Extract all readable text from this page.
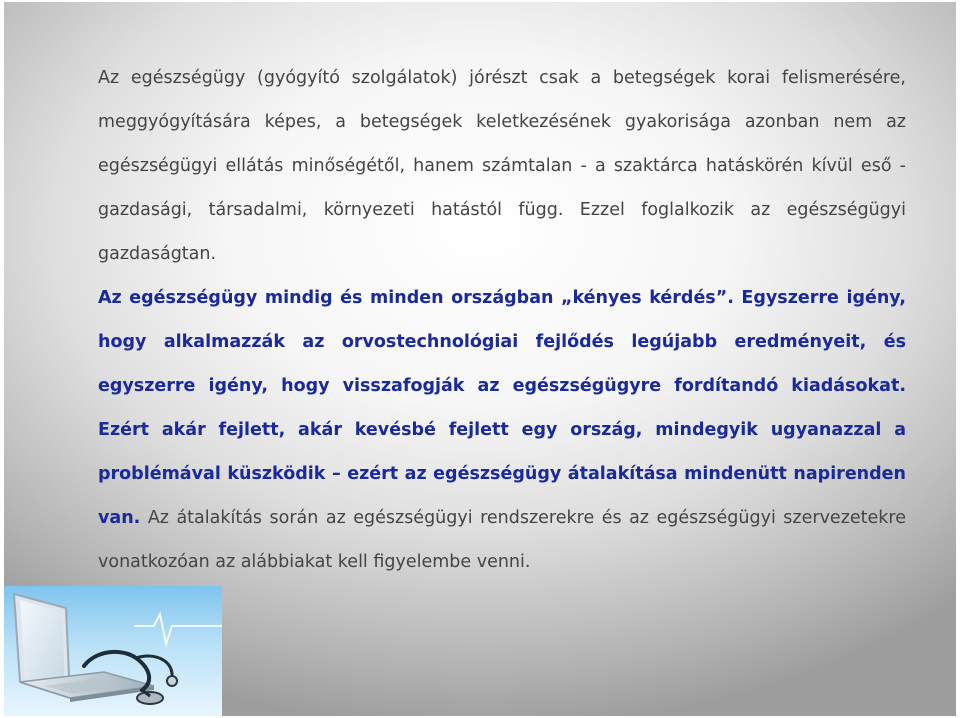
Az egészségügy (gyógyító szolgálatok) jórészt csak a betegségek korai felismerésére, meggyógyítására képes, a betegségek keletkezésének gyakorisága azonban nem az egészségügyi ellátás minőségétől, hanem számtalan - a szaktárca hatáskörén kívül eső - gazdasági, társadalmi, környezeti hatástól függ. Ezzel foglalkozik az egészségügyi gazdaságtan.
Az egészségügy mindig és minden országban „kényes kérdés”. Egyszerre igény, hogy alkalmazzák az orvostechnológiai fejlődés legújabb eredményeit, és egyszerre igény, hogy visszafogják az egészségügyre fordítandó kiadásokat. Ezért akár fejlett, akár kevésbé fejlett egy ország, mindegyik ugyanazzal a problémával küszködik – ezért az egészségügy átalakítása mindenütt napirenden van. Az átalakítás során az egészségügyi rendszerekre és az egészségügyi szervezetekre vonatkozóan az alábbiakat kell figyelembe venni.
